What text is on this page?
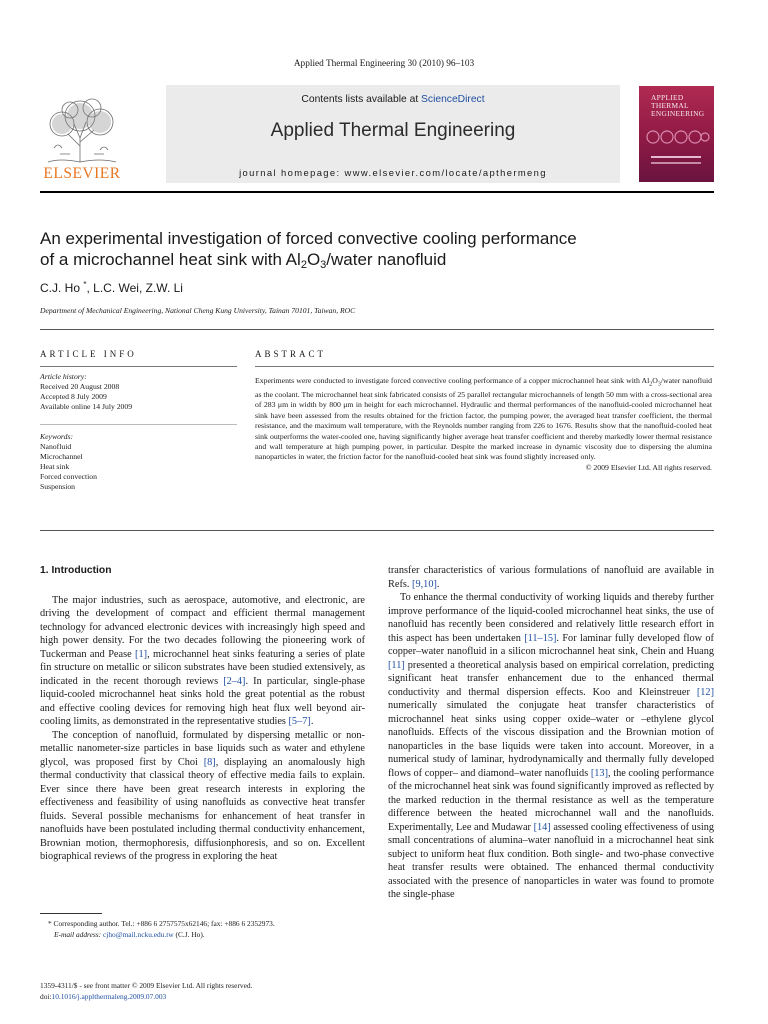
Applied Thermal Engineering 30 (2010) 96–103
ELSEVIER
Contents lists available at ScienceDirect
Applied Thermal Engineering
journal homepage: www.elsevier.com/locate/apthermeng
APPLIED
THERMAL
ENGINEERING
An experimental investigation of forced convective cooling performance
of a microchannel heat sink with $Al_2O_3$/water nanofluid
C.J. Ho *, L.C. Wei, Z.W. Li
Department of Mechanical Engineering, National Cheng Kung University, Tainan 70101, Taiwan, ROC
ARTICLE INFO	ABSTRACT
Article history:
Received 20 August 2008
Accepted 8 July 2009
Available online 14 July 2009
Keywords:
Nanofluid
Microchannel
Heat sink
Forced convection
Suspension
Experiments were conducted to investigate forced convective cooling performance of a copper microchannel heat sink with $Al_2O_3$/water nanofluid as the coolant. The microchannel heat sink fabricated consists of 25 parallel rectangular microchannels of length 50 mm with a cross-sectional area of 283 μm in width by 800 μm in height for each microchannel. Hydraulic and thermal performances of the nanofluid-cooled microchannel heat sink have been assessed from the results obtained for the friction factor, the pumping power, the averaged heat transfer coefficient, the thermal resistance, and the maximum wall temperature, with the Reynolds number ranging from 226 to 1676. Results show that the nanofluid-cooled heat sink outperforms the water-cooled one, having significantly higher average heat transfer coefficient and thereby markedly lower thermal resistance and wall temperature at high pumping power, in particular. Despite the marked increase in dynamic viscosity due to dispersing the alumina nanoparticles in water, the friction factor for the nanofluid-cooled heat sink was found slightly increased only.
© 2009 Elsevier Ltd. All rights reserved.

1. Introduction

The major industries, such as aerospace, automotive, and electronic, are driving the development of compact and efficient thermal management technology for advanced electronic devices with increasingly high speed and high power density. For the two decades following the pioneering work of Tuckerman and Pease [1], microchannel heat sinks featuring a series of plate fin structure on metallic or silicon substrates have been studied extensively, as indicated in the recent thorough reviews [2–4]. In particular, single-phase liquid-cooled microchannel heat sinks hold the great potential as the robust and effective cooling devices for removing high heat flux well beyond air-cooling limits, as demonstrated in the representative studies [5–7].

The conception of nanofluid, formulated by dispersing metallic or non-metallic nanometer-size particles in base liquids such as water and ethylene glycol, was proposed first by Choi [8], displaying an anomalously high thermal conductivity that classical theory of effective media fails to explain. Ever since there have been great research interests in exploring the effectiveness and feasibility of using nanofluids as convective heat transfer fluids. Several possible mechanisms for enhancement of heat transfer in nanofluids have been postulated including thermal conductivity enhancement, Brownian motion, thermophoresis, diffusionphoresis, and so on. Excellent biographical reviews of the progress in exploring the heat

transfer characteristics of various formulations of nanofluid are available in Refs. [9,10].

To enhance the thermal conductivity of working liquids and thereby further improve performance of the liquid-cooled microchannel heat sinks, the use of nanofluid has recently been considered and relatively little research effort in this aspect has been undertaken [11–15]. For laminar fully developed flow of copper–water nanofluid in a silicon microchannel heat sink, Chein and Huang [11] presented a theoretical analysis based on empirical correlation, predicting significant heat transfer enhancement due to the enhanced thermal conductivity and thermal dispersion effects. Koo and Kleinstreuer [12] numerically simulated the conjugate heat transfer characteristics of microchannel heat sinks using copper oxide–water or –ethylene glycol nanofluids. Effects of the viscous dissipation and the Brownian motion of nanoparticles in the base liquids were taken into account. Moreover, in a numerical study of laminar, hydrodynamically and thermally fully developed flows of copper– and diamond–water nanofluids [13], the cooling performance of the microchannel heat sink was found significantly improved as reflected by the marked reduction in the thermal resistance as well as the temperature difference between the heated microchannel wall and the nanofluids. Experimentally, Lee and Mudawar [14] assessed cooling effectiveness of using small concentrations of alumina–water nanofluid in a microchannel heat sink subject to uniform heat flux condition. Both single- and two-phase convective heat transfer results were obtained. The enhanced thermal conductivity associated with the presence of nanoparticles in water was found to promote the single-phase

* Corresponding author. Tel.: +886 6 2757575x62146; fax: +886 6 2352973.
E-mail address: cjho@mail.ncku.edu.tw (C.J. Ho).
1359-4311/$ - see front matter © 2009 Elsevier Ltd. All rights reserved.
doi:10.1016/j.applthermaleng.2009.07.003
